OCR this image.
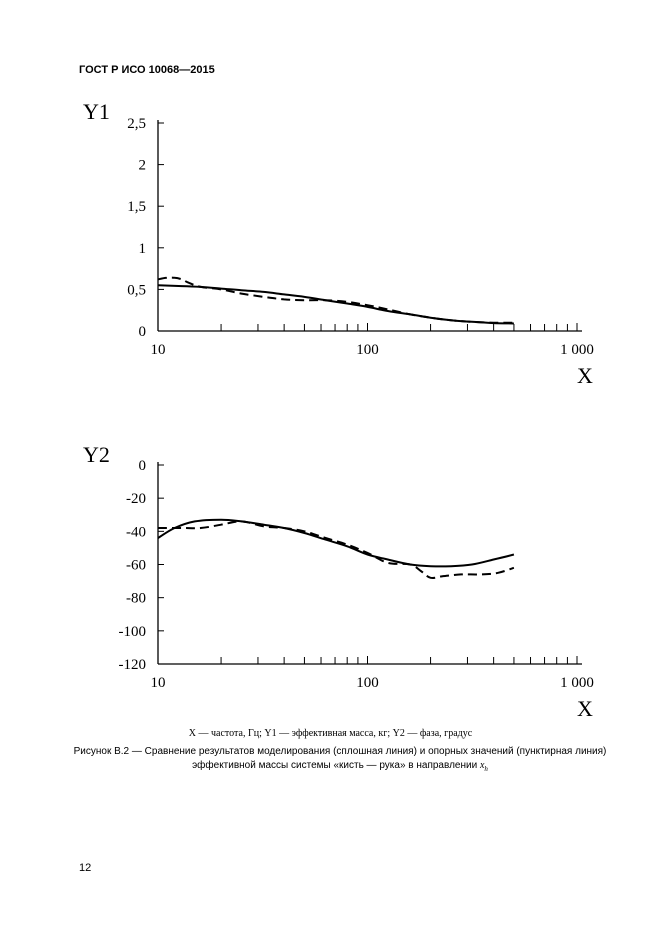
ГОСТ Р ИСО 10068—2015
0
0,5
1
1,5
2
2,5
10	100	1 000
Y1
X
0
-20
-40
-60
-80
-100
-120
10	100	1 000
Y2
X
X — частота, Гц; Y1 — эффективная масса, кг; Y2 — фаза, градус
Рисунок B.2 — Сравнение результатов моделирования (сплошная линия) и опорных значений (пунктирная линия)
эффективной массы системы «кисть — рука» в направлении $x_h$
12
